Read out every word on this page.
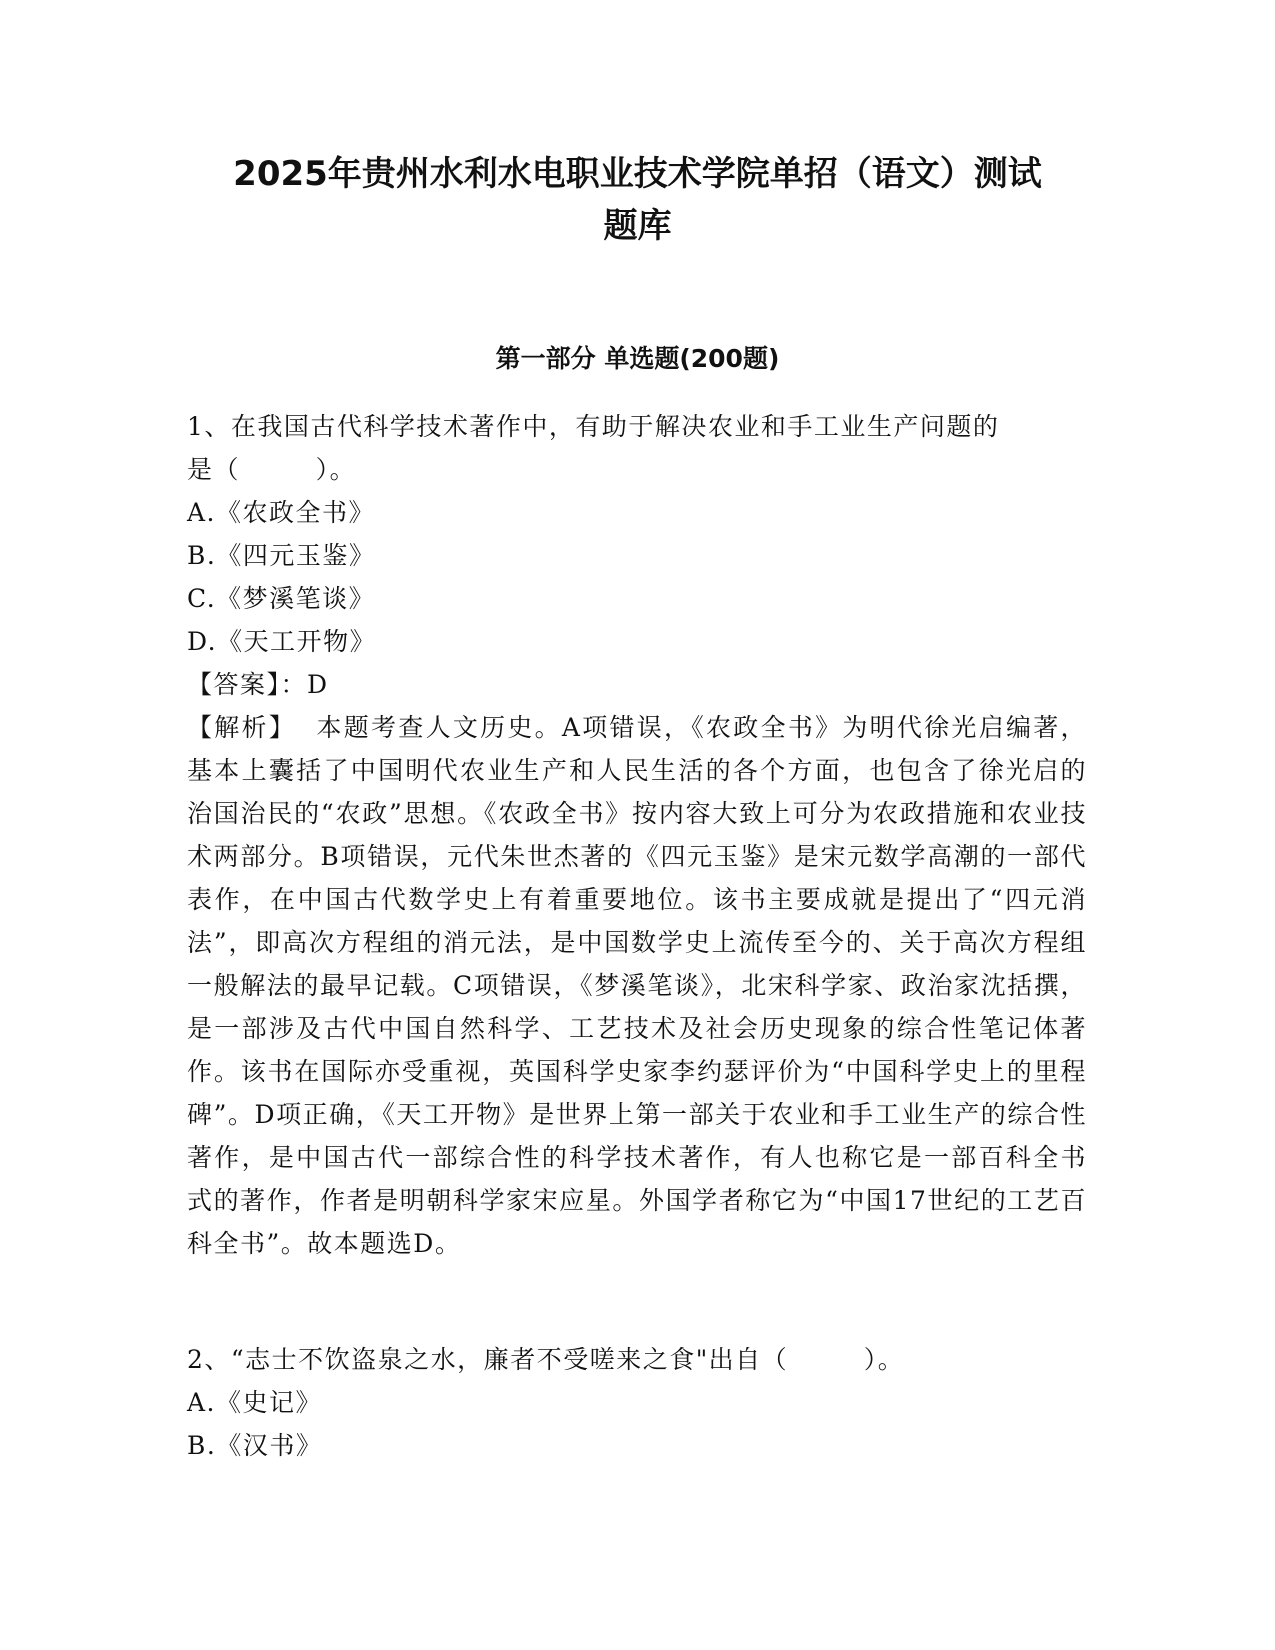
2025年贵州水利水电职业技术学院单招（语文）测试
题库
第一部分 单选题(200题)
1、在我国古代科学技术著作中，有助于解决农业和手工业生产问题的
是（        ）。
A.《农政全书》
B.《四元玉鉴》
C.《梦溪笔谈》
D.《天工开物》
【答案】：D
【解析】  本题考查人文历史。A项错误，《农政全书》为明代徐光启编著，基本上囊括了中国明代农业生产和人民生活的各个方面，也包含了徐光启的治国治民的“农政”思想。《农政全书》按内容大致上可分为农政措施和农业技术两部分。B项错误，元代朱世杰著的《四元玉鉴》是宋元数学高潮的一部代表作，在中国古代数学史上有着重要地位。该书主要成就是提出了“四元消法”，即高次方程组的消元法，是中国数学史上流传至今的、关于高次方程组一般解法的最早记载。C项错误，《梦溪笔谈》，北宋科学家、政治家沈括撰，是一部涉及古代中国自然科学、工艺技术及社会历史现象的综合性笔记体著作。该书在国际亦受重视，英国科学史家李约瑟评价为“中国科学史上的里程碑”。D项正确，《天工开物》是世界上第一部关于农业和手工业生产的综合性著作，是中国古代一部综合性的科学技术著作，有人也称它是一部百科全书式的著作，作者是明朝科学家宋应星。外国学者称它为“中国17世纪的工艺百科全书”。故本题选D。
2、“志士不饮盗泉之水，廉者不受嗟来之食"出自（        ）。
A.《史记》
B.《汉书》
